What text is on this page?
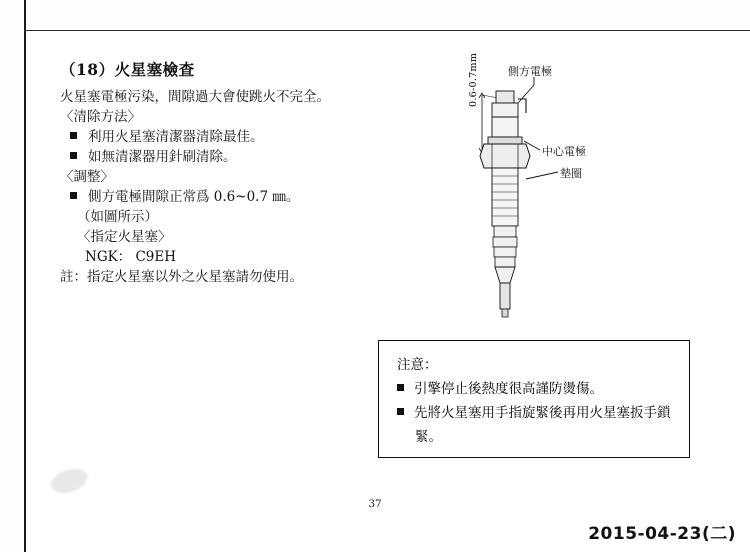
（18）火星塞檢查
火星塞電極污染，間隙過大會使跳火不完全。
〈清除方法〉
利用火星塞清潔器清除最佳。
如無清潔器用針刷清除。
〈調整〉
側方電極間隙正常爲 0.6~0.7 ㎜。
（如圖所示）
〈指定火星塞〉
NGK： C9EH
註：指定火星塞以外之火星塞請勿使用。
側方電極
中心電極
墊圈
0.6-0.7mm
注意：
引擎停止後熱度很高謹防燙傷。
先將火星塞用手指旋緊後再用火星塞扳手鎖
緊。
37
2015-04-23(二)
